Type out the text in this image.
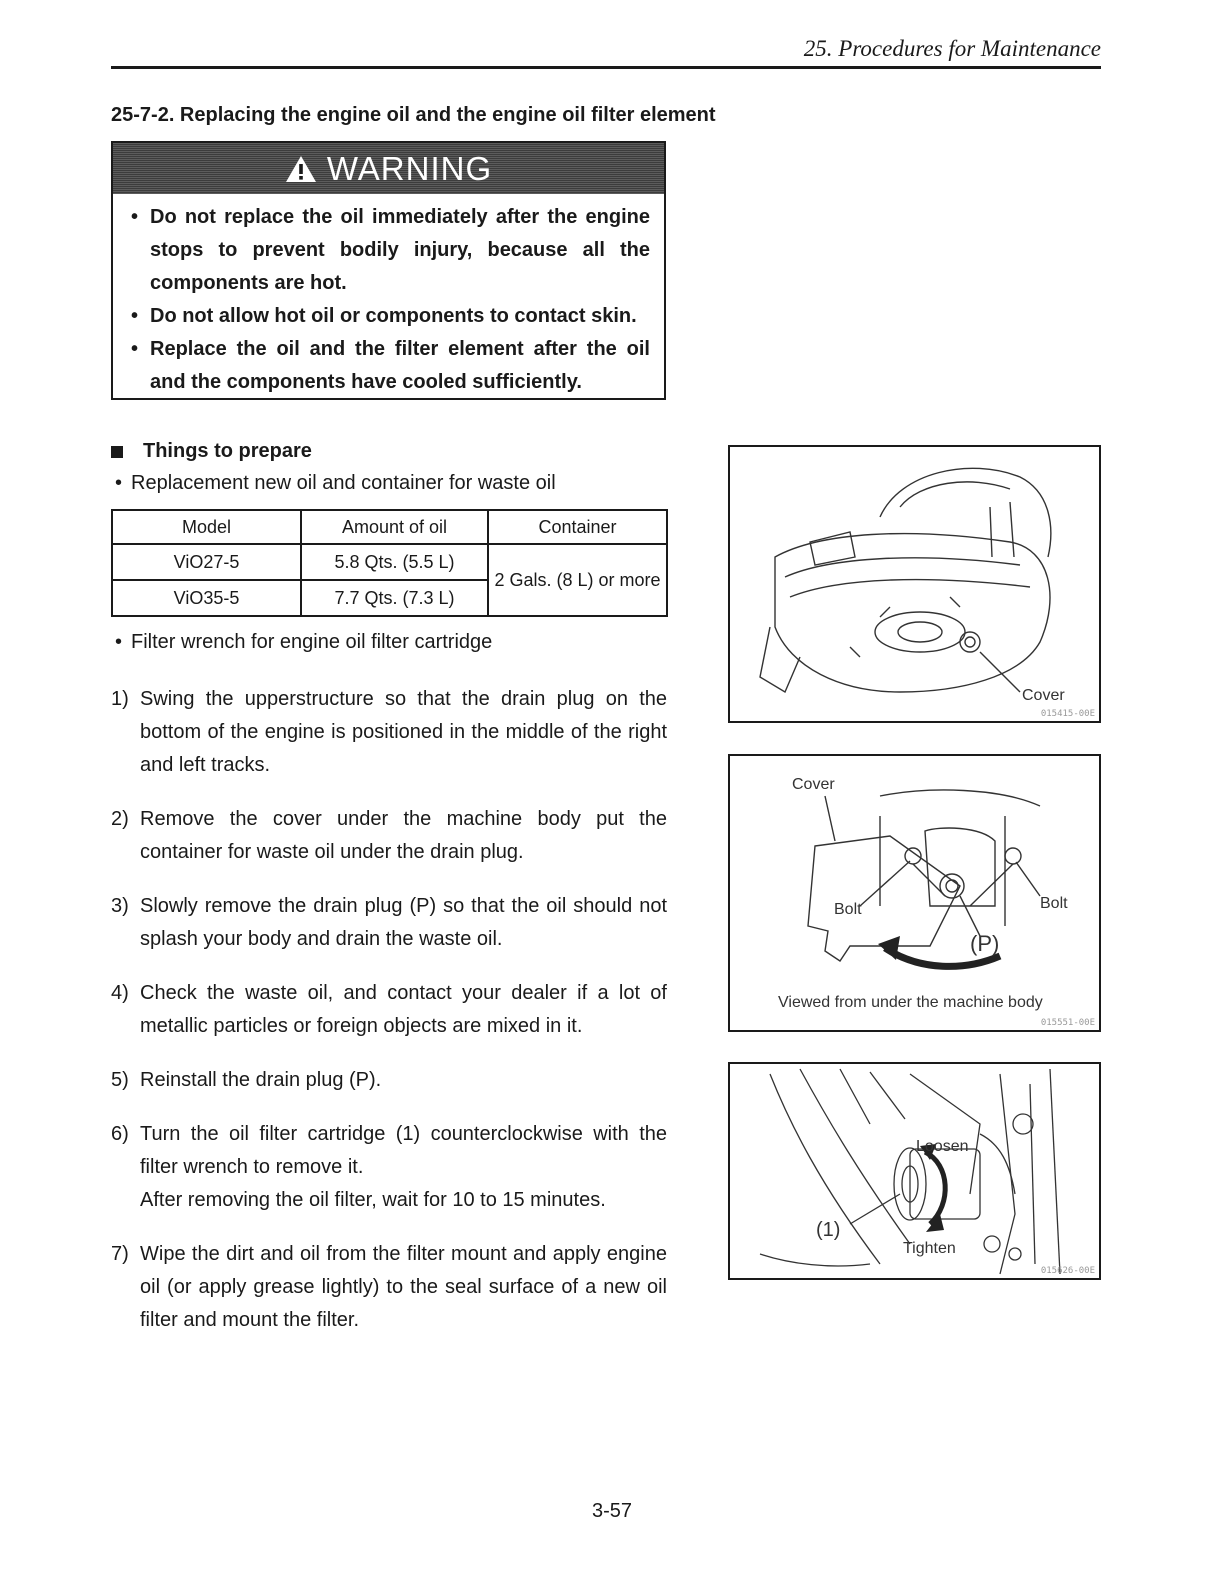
25. Procedures for Maintenance
25-7-2. Replacing the engine oil and the engine oil filter element
WARNING
• Do not replace the oil immediately after the engine stops to prevent bodily injury, because all the components are hot.
• Do not allow hot oil or components to contact skin.
• Replace the oil and the filter element after the oil and the components have cooled sufficiently.
Things to prepare
• Replacement new oil and container for waste oil
Model	Amount of oil	Container
ViO27-5	5.8 Qts. (5.5 L)	2 Gals. (8 L) or more
ViO35-5	7.7 Qts. (7.3 L)	
• Filter wrench for engine oil filter cartridge
1) Swing the upperstructure so that the drain plug on the bottom of the engine is positioned in the middle of the right and left tracks.
2) Remove the cover under the machine body put the container for waste oil under the drain plug.
3) Slowly remove the drain plug (P) so that the oil should not splash your body and drain the waste oil.
4) Check the waste oil, and contact your dealer if a lot of metallic particles or foreign objects are mixed in it.
5) Reinstall the drain plug (P).
6) Turn the oil filter cartridge (1) counterclockwise with the filter wrench to remove it.
After removing the oil filter, wait for 10 to 15 minutes.
7) Wipe the dirt and oil from the filter mount and apply engine oil (or apply grease lightly) to the seal surface of a new oil filter and mount the filter.
Cover
015415-00E
Cover
Bolt	Bolt
(P)
Viewed from under the machine body
015551-00E
Loosen
Tighten
(1)
015626-00E
3-57
